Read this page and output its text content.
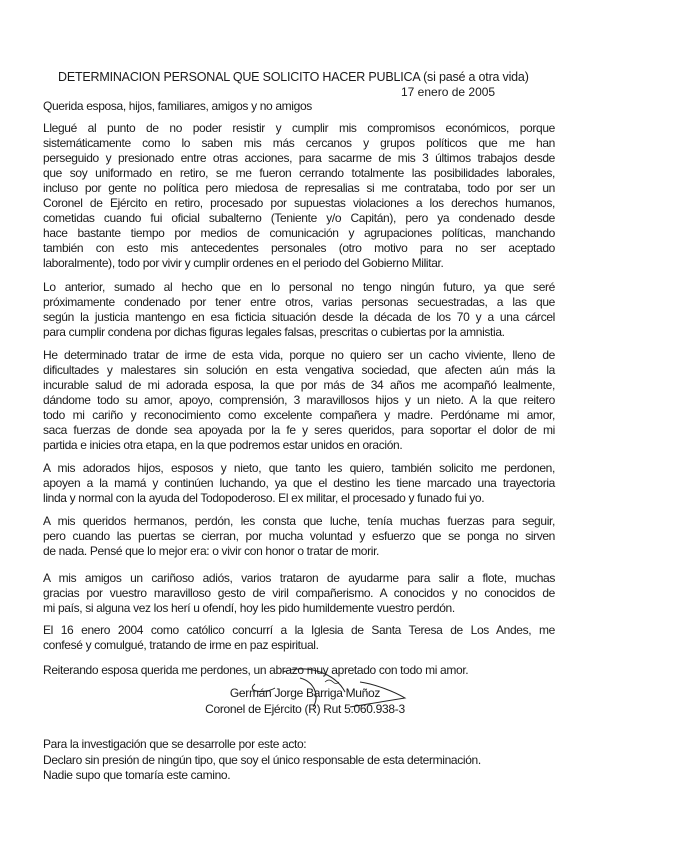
DETERMINACION PERSONAL QUE SOLICITO HACER PUBLICA (si pasé a otra vida)
17 enero de 2005
Querida esposa, hijos, familiares, amigos y no amigos
Llegué al punto de no poder resistir y cumplir mis compromisos económicos, porque
sistemáticamente como lo saben mis más cercanos y grupos políticos que me han
perseguido y presionado entre otras acciones, para sacarme de mis 3 últimos trabajos desde
que soy uniformado en retiro, se me fueron cerrando totalmente las posibilidades laborales,
incluso por gente no política pero miedosa de represalias si me contrataba, todo por ser un
Coronel de Ejército en retiro, procesado por supuestas violaciones a los derechos humanos,
cometidas cuando fui oficial subalterno (Teniente y/o Capitán), pero ya condenado desde
hace bastante tiempo por medios de comunicación y agrupaciones políticas, manchando
también con esto mis antecedentes personales (otro motivo para no ser aceptado
laboralmente), todo por vivir y cumplir ordenes en el periodo del Gobierno Militar.
Lo anterior, sumado al hecho que en lo personal no tengo ningún futuro, ya que seré
próximamente condenado por tener entre otros, varias personas secuestradas, a las que
según la justicia mantengo en esa ficticia situación desde la década de los 70 y a una cárcel
para cumplir condena por dichas figuras legales falsas, prescritas o cubiertas por la amnistia.
He determinado tratar de irme de esta vida, porque no quiero ser un cacho viviente, lleno de
dificultades y malestares sin solución en esta vengativa sociedad, que afecten aún más la
incurable salud de mi adorada esposa, la que por más de 34 años me acompañó lealmente,
dándome todo su amor, apoyo, comprensión, 3 maravillosos hijos y un nieto. A la que reitero
todo mi cariño y reconocimiento como excelente compañera y madre. Perdóname mi amor,
saca fuerzas de donde sea apoyada por la fe y seres queridos, para soportar el dolor de mi
partida e inicies otra etapa, en la que podremos estar unidos en oración.
A mis adorados hijos, esposos y nieto, que tanto les quiero, también solicito me perdonen,
apoyen a la mamá y continúen luchando, ya que el destino les tiene marcado una trayectoria
linda y normal con la ayuda del Todopoderoso. El ex militar, el procesado y funado fui yo.
A mis queridos hermanos, perdón, les consta que luche, tenía muchas fuerzas para seguir,
pero cuando las puertas se cierran, por mucha voluntad y esfuerzo que se ponga no sirven
de nada. Pensé que lo mejor era: o vivir con honor o tratar de morir.
A mis amigos un cariñoso adiós, varios trataron de ayudarme para salir a flote, muchas
gracias por vuestro maravilloso gesto de viril compañerismo. A conocidos y no conocidos de
mi país, si alguna vez los herí u ofendí, hoy les pido humildemente vuestro perdón.
El 16 enero 2004 como católico concurrí a la Iglesia de Santa Teresa de Los Andes, me
confesé y comulgué, tratando de irme en paz espiritual.
Reiterando esposa querida me perdones, un abrazo muy apretado con todo mi amor.
Germán Jorge Barriga Muñoz
Coronel de Ejército (R) Rut 5.060.938-3
Para la investigación que se desarrolle por este acto:
Declaro sin presión de ningún tipo, que soy el único responsable de esta determinación.
Nadie supo que tomaría este camino.
